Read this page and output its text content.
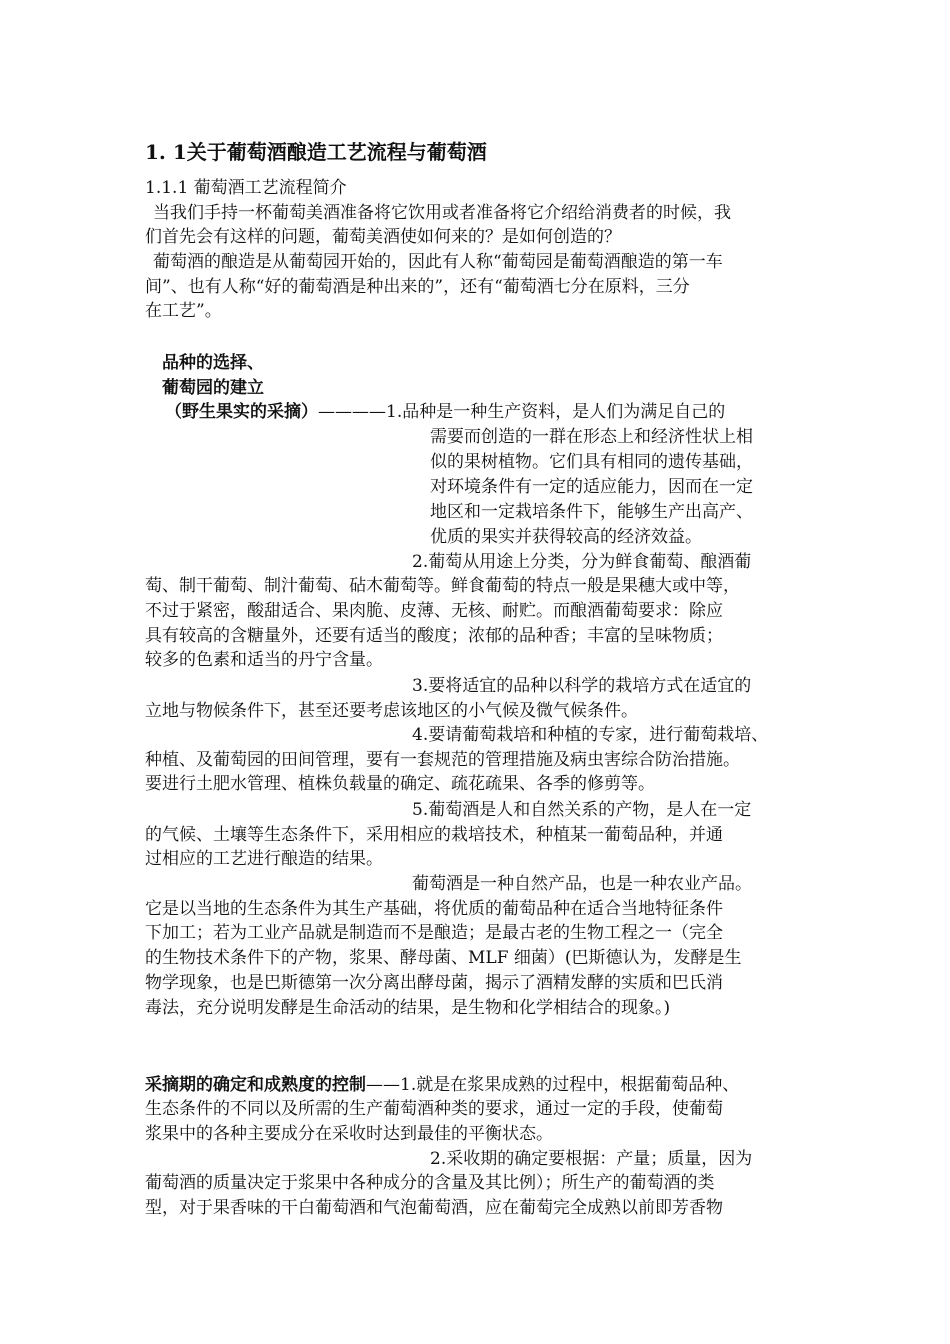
1. 1关于葡萄酒酿造工艺流程与葡萄酒
1.1.1 葡萄酒工艺流程简介
当我们手持一杯葡萄美酒准备将它饮用或者准备将它介绍给消费者的时候，我
们首先会有这样的问题，葡萄美酒使如何来的？是如何创造的？
葡萄酒的酿造是从葡萄园开始的，因此有人称“葡萄园是葡萄酒酿造的第一车
间”、也有人称“好的葡萄酒是种出来的”，还有“葡萄酒七分在原料，三分
在工艺”。
品种的选择、
葡萄园的建立
（野生果实的采摘）————1.品种是一种生产资料，是人们为满足自己的
需要而创造的一群在形态上和经济性状上相
似的果树植物。它们具有相同的遗传基础，
对环境条件有一定的适应能力，因而在一定
地区和一定栽培条件下，能够生产出高产、
优质的果实并获得较高的经济效益。
2.葡萄从用途上分类，分为鲜食葡萄、酿酒葡
萄、制干葡萄、制汁葡萄、砧木葡萄等。鲜食葡萄的特点一般是果穗大或中等，
不过于紧密，酸甜适合、果肉脆、皮薄、无核、耐贮。而酿酒葡萄要求：除应
具有较高的含糖量外，还要有适当的酸度；浓郁的品种香；丰富的呈味物质；
较多的色素和适当的丹宁含量。
3.要将适宜的品种以科学的栽培方式在适宜的
立地与物候条件下，甚至还要考虑该地区的小气候及微气候条件。
4.要请葡萄栽培和种植的专家，进行葡萄栽培、
种植、及葡萄园的田间管理，要有一套规范的管理措施及病虫害综合防治措施。
要进行土肥水管理、植株负载量的确定、疏花疏果、各季的修剪等。
5.葡萄酒是人和自然关系的产物，是人在一定
的气候、土壤等生态条件下，采用相应的栽培技术，种植某一葡萄品种，并通
过相应的工艺进行酿造的结果。
葡萄酒是一种自然产品，也是一种农业产品。
它是以当地的生态条件为其生产基础，将优质的葡萄品种在适合当地特征条件
下加工；若为工业产品就是制造而不是酿造；是最古老的生物工程之一（完全
的生物技术条件下的产物，浆果、酵母菌、MLF 细菌）(巴斯德认为，发酵是生
物学现象，也是巴斯德第一次分离出酵母菌，揭示了酒精发酵的实质和巴氏消
毒法，充分说明发酵是生命活动的结果，是生物和化学相结合的现象。)
采摘期的确定和成熟度的控制——1.就是在浆果成熟的过程中，根据葡萄品种、
生态条件的不同以及所需的生产葡萄酒种类的要求，通过一定的手段，使葡萄
浆果中的各种主要成分在采收时达到最佳的平衡状态。
2.采收期的确定要根据：产量；质量，因为
葡萄酒的质量决定于浆果中各种成分的含量及其比例）；所生产的葡萄酒的类
型，对于果香味的干白葡萄酒和气泡葡萄酒，应在葡萄完全成熟以前即芳香物
